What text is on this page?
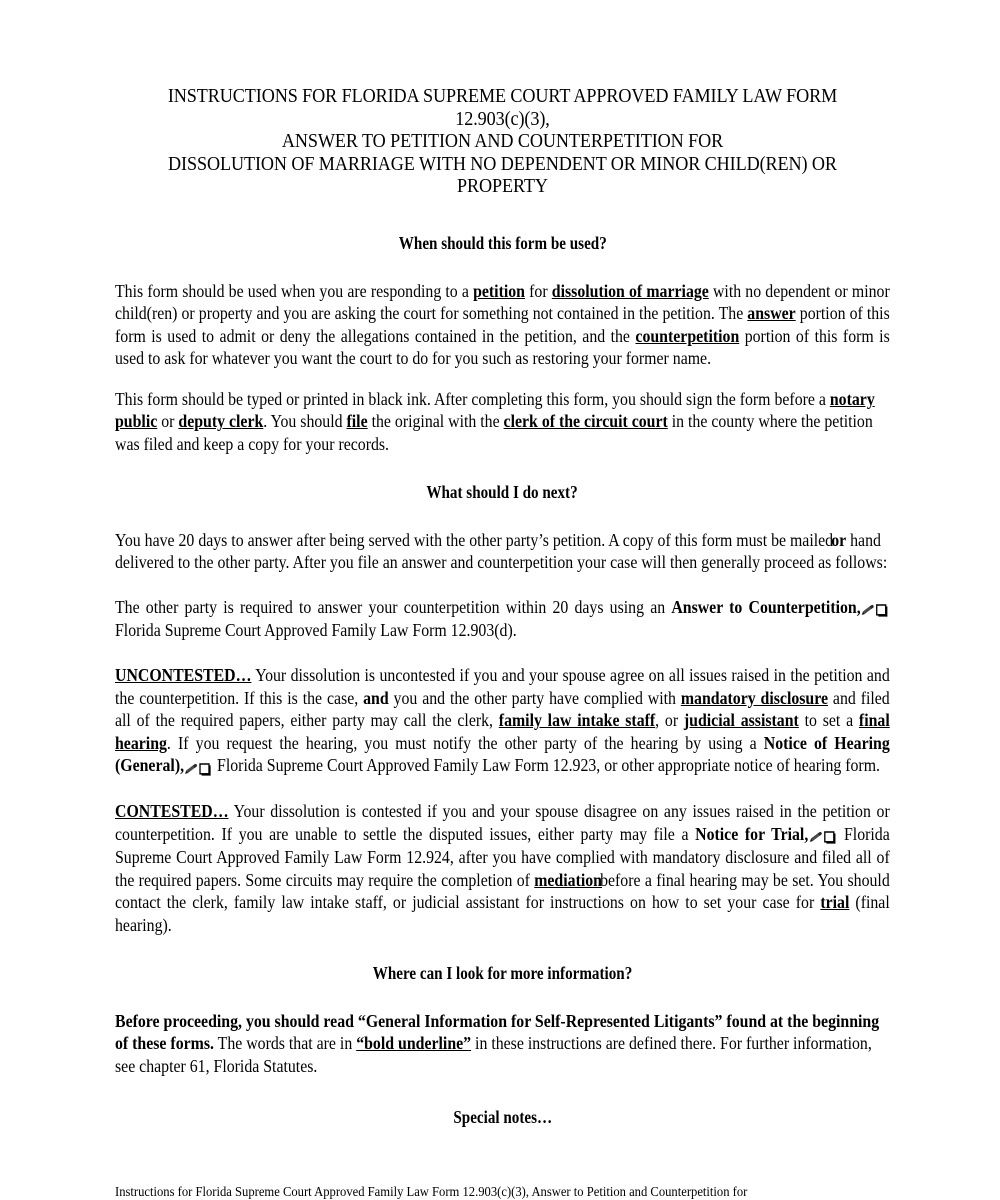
INSTRUCTIONS FOR FLORIDA SUPREME COURT APPROVED FAMILY LAW FORM
12.903(c)(3),
ANSWER TO PETITION AND COUNTERPETITION FOR
DISSOLUTION OF MARRIAGE WITH NO DEPENDENT OR MINOR CHILD(REN) OR
PROPERTY
When should this form be used?

This form should be used when you are responding to a petition for dissolution of marriage with no dependent or minor child(ren) or property and you are asking the court for something not contained in the petition. The answer portion of this form is used to admit or deny the allegations contained in the petition, and the counterpetition portion of this form is used to ask for whatever you want the court to do for you such as restoring your former name.

This form should be typed or printed in black ink. After completing this form, you should sign the form before a notary public or deputy clerk. You should file the original with the clerk of the circuit court in the county where the petition was filed and keep a copy for your records.

What should I do next?

You have 20 days to answer after being served with the other party’s petition. A copy of this form must be mailedor hand delivered to the other party. After you file an answer and counterpetition your case will then generally proceed as follows:

The other party is required to answer your counterpetition within 20 days using an Answer to Counterpetition, Florida Supreme Court Approved Family Law Form 12.903(d).

UNCONTESTED… Your dissolution is uncontested if you and your spouse agree on all issues raised in the petition and the counterpetition. If this is the case, and you and the other party have complied with mandatory disclosure and filed all of the required papers, either party may call the clerk, family law intake staff, or judicial assistant to set a final hearing. If you request the hearing, you must notify the other party of the hearing by using a Notice of Hearing (General), Florida Supreme Court Approved Family Law Form 12.923, or other appropriate notice of hearing form.

CONTESTED… Your dissolution is contested if you and your spouse disagree on any issues raised in the petition or counterpetition. If you are unable to settle the disputed issues, either party may file a Notice for Trial, Florida Supreme Court Approved Family Law Form 12.924, after you have complied with mandatory disclosure and filed all of the required papers. Some circuits may require the completion of mediationbefore a final hearing may be set. You should contact the clerk, family law intake staff, or judicial assistant for instructions on how to set your case for trial (final hearing).

Where can I look for more information?

Before proceeding, you should read “General Information for Self-Represented Litigants” found at the beginning of these forms. The words that are in “bold underline” in these instructions are defined there. For further information, see chapter 61, Florida Statutes.

Special notes…
Instructions for Florida Supreme Court Approved Family Law Form 12.903(c)(3), Answer to Petition and Counterpetition for
